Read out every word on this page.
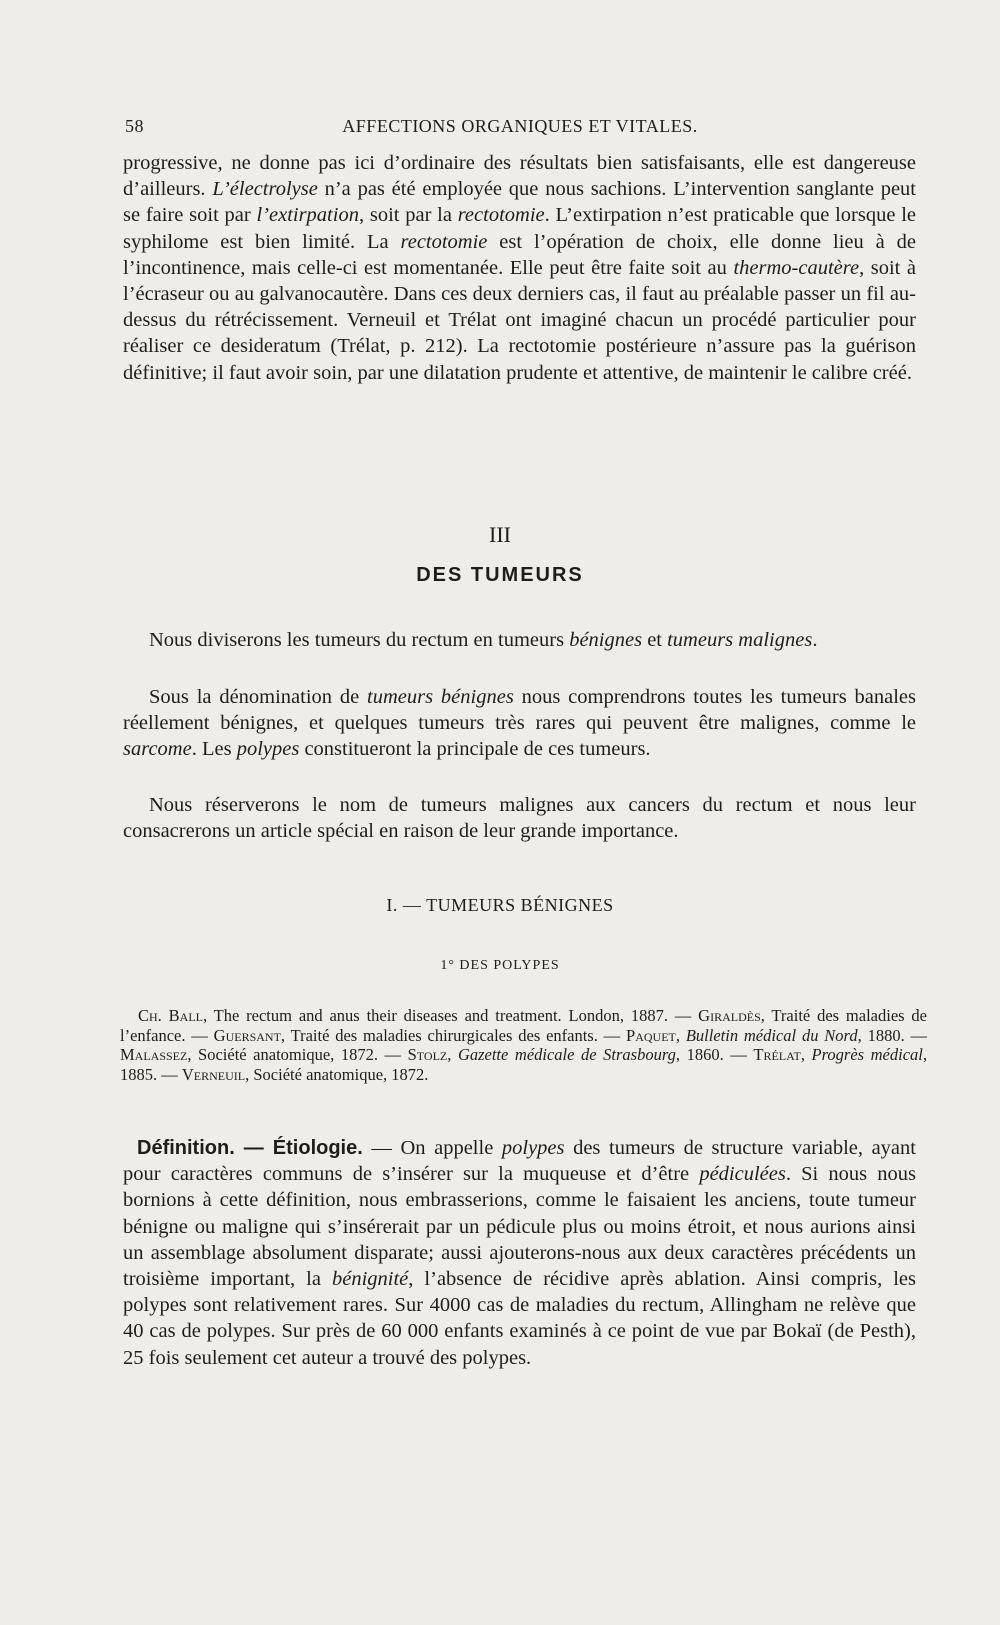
58	AFFECTIONS ORGANIQUES ET VITALES.

progressive, ne donne pas ici d’ordinaire des résultats bien satisfaisants, elle est dangereuse d’ailleurs. L’électrolyse n’a pas été employée que nous sachions. L’intervention sanglante peut se faire soit par l’extirpation, soit par la rectotomie. L’extirpation n’est praticable que lorsque le syphilome est bien limité. La rectotomie est l’opération de choix, elle donne lieu à de l’incontinence, mais celle-ci est momentanée. Elle peut être faite soit au thermo-cautère, soit à l’écraseur ou au galvanocautère. Dans ces deux derniers cas, il faut au préalable passer un fil au-dessus du rétrécissement. Verneuil et Trélat ont imaginé chacun un procédé particulier pour réaliser ce desideratum (Trélat, p. 212). La rectotomie postérieure n’assure pas la guérison définitive; il faut avoir soin, par une dilatation prudente et attentive, de maintenir le calibre créé.

III
DES TUMEURS

Nous diviserons les tumeurs du rectum en tumeurs bénignes et tumeurs malignes.

Sous la dénomination de tumeurs bénignes nous comprendrons toutes les tumeurs banales réellement bénignes, et quelques tumeurs très rares qui peuvent être malignes, comme le sarcome. Les polypes constitueront la principale de ces tumeurs.

Nous réserverons le nom de tumeurs malignes aux cancers du rectum et nous leur consacrerons un article spécial en raison de leur grande importance.

I. — TUMEURS BÉNIGNES
1° DES POLYPES

Ch. Ball, The rectum and anus their diseases and treatment. London, 1887. — Giraldès, Traité des maladies de l’enfance. — Guersant, Traité des maladies chirurgicales des enfants. — Paquet, Bulletin médical du Nord, 1880. — Malassez, Société anatomique, 1872. — Stolz, Gazette médicale de Strasbourg, 1860. — Trélat, Progrès médical, 1885. — Verneuil, Société anatomique, 1872.

Définition. — Étiologie. — On appelle polypes des tumeurs de structure variable, ayant pour caractères communs de s’insérer sur la muqueuse et d’être pédiculées. Si nous nous bornions à cette définition, nous embrasserions, comme le faisaient les anciens, toute tumeur bénigne ou maligne qui s’insérerait par un pédicule plus ou moins étroit, et nous aurions ainsi un assemblage absolument disparate; aussi ajouterons-nous aux deux caractères précédents un troisième important, la bénignité, l’absence de récidive après ablation. Ainsi compris, les polypes sont relativement rares. Sur 4000 cas de maladies du rectum, Allingham ne relève que 40 cas de polypes. Sur près de 60 000 enfants examinés à ce point de vue par Bokaï (de Pesth), 25 fois seulement cet auteur a trouvé des polypes.
